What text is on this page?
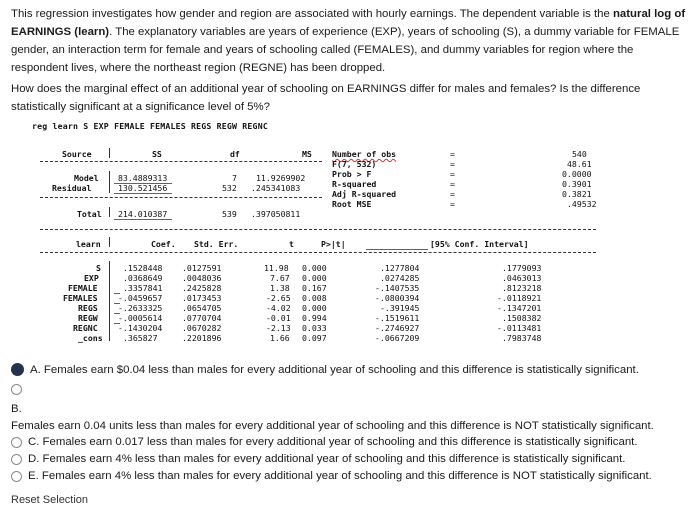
This regression investigates how gender and region are associated with hourly earnings. The dependent variable is the natural log of EARNINGS (learn). The explanatory variables are years of experience (EXP), years of schooling (S), a dummy variable for FEMALE gender, an interaction term for female and years of schooling called (FEMALES), and dummy variables for region where the respondent lives, where the northeast region (REGNE) has been dropped.
How does the marginal effect of an additional year of schooling on EARNINGS differ for males and females? Is the difference statistically significant at a significance level of 5%?
reg learn S EXP FEMALE FEMALES REGS REGW REGNC
Source	SS	df	MS
Model 83.4889313	7 11.9269902
Residual	130.521456	532 .245341083
Total 214.010387	539 .397050811
Number of obs	=	540
F(7, 532)	=	48.61
Prob > F	=	0.0000
R-squared	=	0.3901
Adj R-squared	=	0.3821
Root MSE	=	.49532
learn	Coef. Std. Err.	t	P>|t|	[95% Conf. Interval]
S	.1528448 .0127591	11.98 0.000	.1277804	.1779093
EXP	.0368649 .0048036	7.67 0.000	.0274285	.0463013
FEMALE	.3357841 .2425828	1.38 0.167	-.1407535	.8123218
FEMALES -.0459657 .0173453	-2.65 0.008	-.0800394	-.0118921
REGS -.2633325 .0654705	-4.02 0.000	-.391945	-.1347201
REGW -.0005614 .0770704	-0.01 0.994	-.1519611	.1508382
REGNC -.1430204 .0670282	-2.13 0.033	-.2746927	-.0113481
_cons .365827	.2201896	1.66 0.097	-.0667209	.7983748
A. Females earn $0.04 less than males for every additional year of schooling and this difference is statistically significant.
B.
Females earn 0.04 units less than males for every additional year of schooling and this difference is NOT statistically significant.
C. Females earn 0.017 less than males for every additional year of schooling and this difference is statistically significant.
D. Females earn 4% less than males for every additional year of schooling and this difference is statistically significant.
E. Females earn 4% less than males for every additional year of schooling and this difference is NOT statistically significant.
Reset Selection
